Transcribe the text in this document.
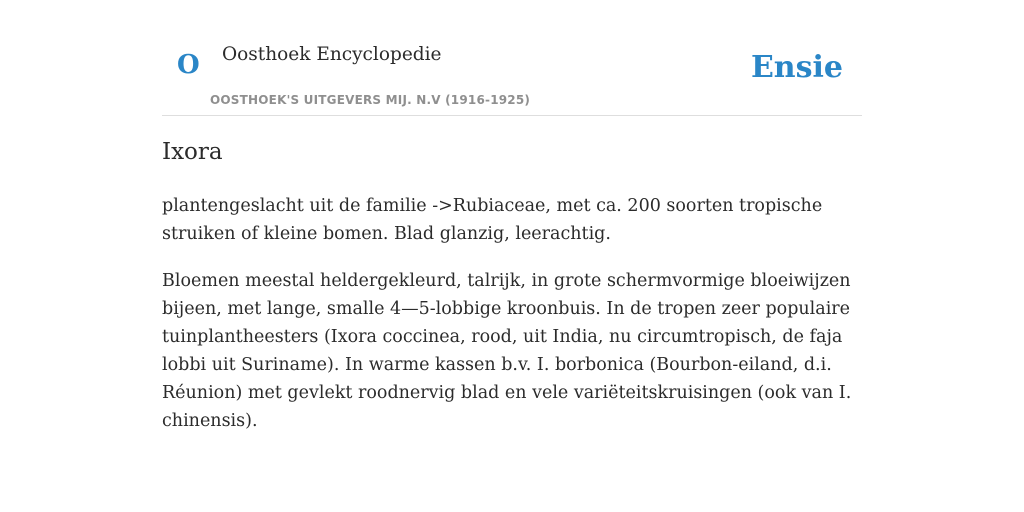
O Oosthoek Encyclopedie
OOSTHOEK'S UITGEVERS MIJ. N.V (1916-1925)
Ensie
Ixora

plantengeslacht uit de familie ->Rubiaceae, met ca. 200 soorten tropische struiken of kleine bomen. Blad glanzig, leerachtig.

Bloemen meestal heldergekleurd, talrijk, in grote schermvormige bloeiwijzen bijeen, met lange, smalle 4—5-lobbige kroonbuis. In de tropen zeer populaire tuinplantheesters (Ixora coccinea, rood, uit India, nu circumtropisch, de faja lobbi uit Suriname). In warme kassen b.v. I. borbonica (Bourbon-eiland, d.i. Réunion) met gevlekt roodnervig blad en vele variëteitskruisingen (ook van I. chinensis).
